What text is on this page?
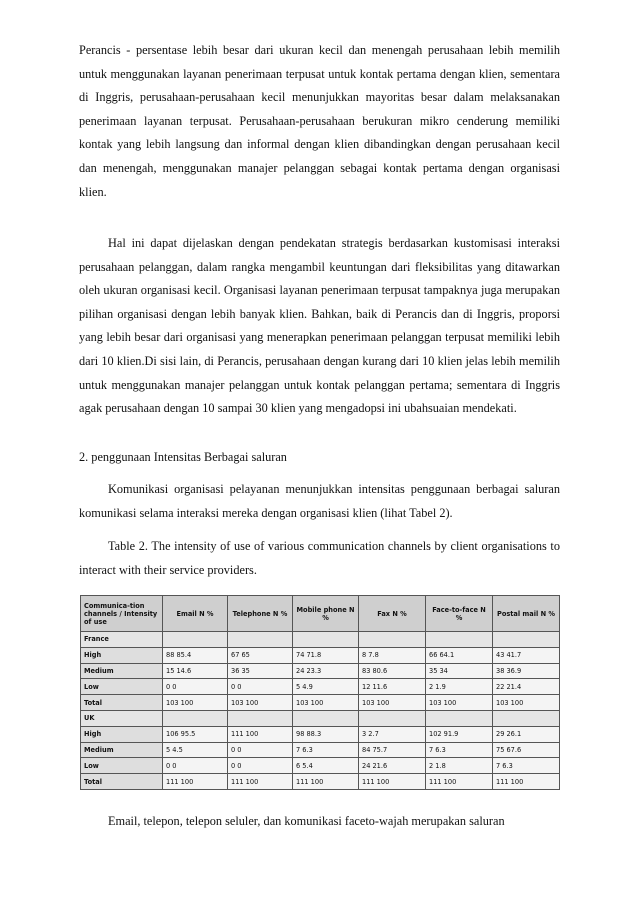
Perancis - persentase lebih besar dari ukuran kecil dan menengah perusahaan lebih memilih untuk menggunakan layanan penerimaan terpusat untuk kontak pertama dengan klien, sementara di Inggris, perusahaan-perusahaan kecil menunjukkan mayoritas besar dalam melaksanakan penerimaan layanan terpusat. Perusahaan-perusahaan berukuran mikro cenderung memiliki kontak yang lebih langsung dan informal dengan klien dibandingkan dengan perusahaan kecil dan menengah, menggunakan manajer pelanggan sebagai kontak pertama dengan organisasi klien.

Hal ini dapat dijelaskan dengan pendekatan strategis berdasarkan kustomisasi interaksi perusahaan pelanggan, dalam rangka mengambil keuntungan dari fleksibilitas yang ditawarkan oleh ukuran organisasi kecil. Organisasi layanan penerimaan terpusat tampaknya juga merupakan pilihan organisasi dengan lebih banyak klien. Bahkan, baik di Perancis dan di Inggris, proporsi yang lebih besar dari organisasi yang menerapkan penerimaan pelanggan terpusat memiliki lebih dari 10 klien.Di sisi lain, di Perancis, perusahaan dengan kurang dari 10 klien jelas lebih memilih untuk menggunakan manajer pelanggan untuk kontak pelanggan pertama; sementara di Inggris agak perusahaan dengan 10 sampai 30 klien yang mengadopsi ini ubahsuaian mendekati.

2. penggunaan Intensitas Berbagai saluran

Komunikasi organisasi pelayanan menunjukkan intensitas penggunaan berbagai saluran komunikasi selama interaksi mereka dengan organisasi klien (lihat Tabel 2).

Table 2. The intensity of use of various communication channels by client organisations to interact with their service providers.

Communica-tion channels / Intensity of use	Email N %	Telephone N %	Mobile phone N %	Fax N %	Face-to-face N %	Postal mail N %
France						
High	88 85.4	67 65	74 71.8	8 7.8	66 64.1	43 41.7
Medium	15 14.6	36 35	24 23.3	83 80.6	35 34	38 36.9
Low	0 0	0 0	5 4.9	12 11.6	2 1.9	22 21.4
Total	103 100	103 100	103 100	103 100	103 100	103 100
UK						
High	106 95.5	111 100	98 88.3	3 2.7	102 91.9	29 26.1
Medium	5 4.5	0 0	7 6.3	84 75.7	7 6.3	75 67.6
Low	0 0	0 0	6 5.4	24 21.6	2 1.8	7 6.3
Total	111 100	111 100	111 100	111 100	111 100	111 100

Email, telepon, telepon seluler, dan komunikasi faceto-wajah merupakan saluran
